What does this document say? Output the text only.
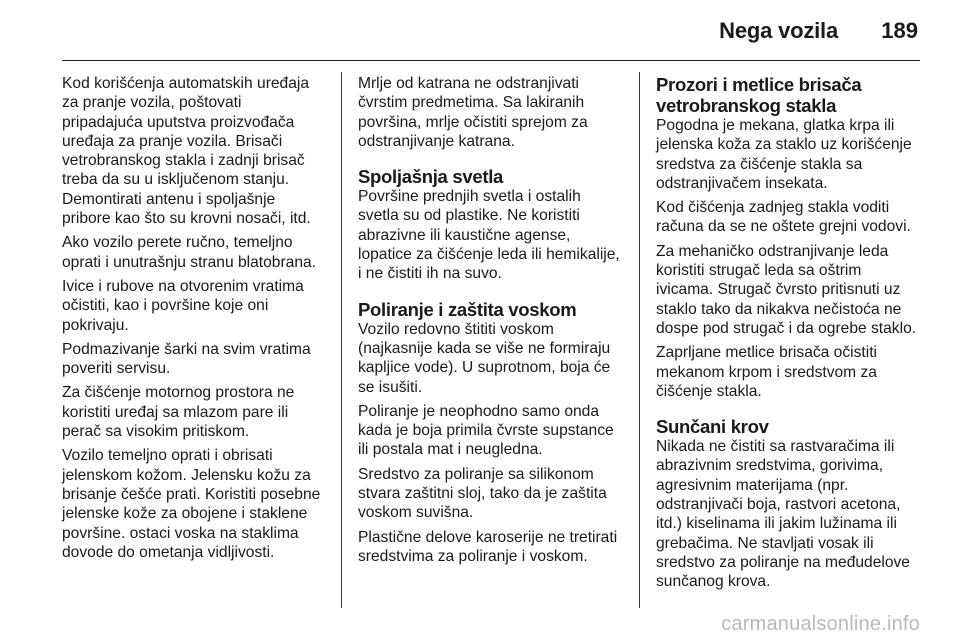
Nega vozila 189

Kod korišćenja automatskih uređaja
za pranje vozila, poštovati
pripadajuća uputstva proizvođača
uređaja za pranje vozila. Brisači
vetrobranskog stakla i zadnji brisač
treba da su u isključenom stanju.
Demontirati antenu i spoljašnje
pribore kao što su krovni nosači, itd.

Ako vozilo perete ručno, temeljno
oprati i unutrašnju stranu blatobrana.

Ivice i rubove na otvorenim vratima
očistiti, kao i površine koje oni
pokrivaju.

Podmazivanje šarki na svim vratima
poveriti servisu.

Za čišćenje motornog prostora ne
koristiti uređaj sa mlazom pare ili
perač sa visokim pritiskom.

Vozilo temeljno oprati i obrisati
jelenskom kožom. Jelensku kožu za
brisanje češće prati. Koristiti posebne
jelenske kože za obojene i staklene
površine. ostaci voska na staklima
dovode do ometanja vidljivosti.

Mrlje od katrana ne odstranjivati
čvrstim predmetima. Sa lakiranih
površina, mrlje očistiti sprejom za
odstranjivanje katrana.

Spoljašnja svetla

Površine prednjih svetla i ostalih
svetla su od plastike. Ne koristiti
abrazivne ili kaustične agense,
lopatice za čišćenje leda ili hemikalije,
i ne čistiti ih na suvo.

Poliranje i zaštita voskom

Vozilo redovno štititi voskom
(najkasnije kada se više ne formiraju
kapljice vode). U suprotnom, boja će
se isušiti.

Poliranje je neophodno samo onda
kada je boja primila čvrste supstance
ili postala mat i neugledna.

Sredstvo za poliranje sa silikonom
stvara zaštitni sloj, tako da je zaštita
voskom suvišna.

Plastične delove karoserije ne tretirati
sredstvima za poliranje i voskom.

Prozori i metlice brisača
vetrobranskog stakla

Pogodna je mekana, glatka krpa ili
jelenska koža za staklo uz korišćenje
sredstva za čišćenje stakla sa
odstranjivačem insekata.

Kod čišćenja zadnjeg stakla voditi
računa da se ne oštete grejni vodovi.

Za mehaničko odstranjivanje leda
koristiti strugač leda sa oštrim
ivicama. Strugač čvrsto pritisnuti uz
staklo tako da nikakva nečistoća ne
dospe pod strugač i da ogrebe staklo.

Zaprljane metlice brisača očistiti
mekanom krpom i sredstvom za
čišćenje stakla.

Sunčani krov

Nikada ne čistiti sa rastvaračima ili
abrazivnim sredstvima, gorivima,
agresivnim materijama (npr.
odstranjivači boja, rastvori acetona,
itd.) kiselinama ili jakim lužinama ili
grebačima. Ne stavljati vosak ili
sredstvo za poliranje na međudelove
sunčanog krova.

carmanualsonline.info
